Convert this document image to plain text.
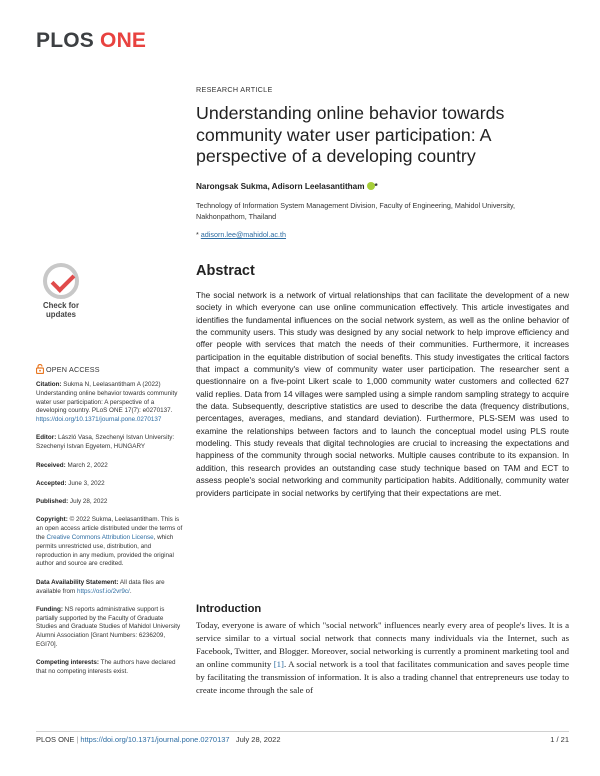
PLOS ONE
RESEARCH ARTICLE
Understanding online behavior towards community water user participation: A perspective of a developing country
Narongsak Sukma, Adisorn Leelasantitham *
Technology of Information System Management Division, Faculty of Engineering, Mahidol University, Nakhonpathom, Thailand
* adisorn.lee@mahidol.ac.th
Check for
updates
OPEN ACCESS
Citation: Sukma N, Leelasantitham A (2022) Understanding online behavior towards community water user participation: A perspective of a developing country. PLoS ONE 17(7): e0270137. https://doi.org/10.1371/journal.pone.0270137
Editor: László Vasa, Szechenyi Istvan University: Szechenyi Istvan Egyetem, HUNGARY
Received: March 2, 2022
Accepted: June 3, 2022
Published: July 28, 2022
Copyright: © 2022 Sukma, Leelasantitham. This is an open access article distributed under the terms of the Creative Commons Attribution License, which permits unrestricted use, distribution, and reproduction in any medium, provided the original author and source are credited.
Data Availability Statement: All data files are available from https://osf.io/2vr9c/.
Funding: NS reports administrative support is partially supported by the Faculty of Graduate Studies and Graduate Studies of Mahidol University Alumni Association [Grant Numbers: 6236209, EGI70].
Competing interests: The authors have declared that no competing interests exist.
Abstract

The social network is a network of virtual relationships that can facilitate the development of a new society in which everyone can use online communication effectively. This article investigates and identifies the fundamental influences on the social network system, as well as the online behavior of the community users. This study was designed by any social network to help improve efficiency and offer people with services that match the needs of their communities. Furthermore, it increases participation in the equitable distribution of social benefits. This study investigates the critical factors that impact a community's view of community water user participation. The researcher sent a questionnaire on a five-point Likert scale to 1,000 community water customers and collected 627 valid replies. Data from 14 villages were sampled using a simple random sampling strategy to acquire the data. Subsequently, descriptive statistics are used to describe the data (frequency distributions, percentages, averages, medians, and standard deviation). Furthermore, PLS-SEM was used to examine the relationships between factors and to launch the conceptual model using PLS route modeling. This study reveals that digital technologies are crucial to increasing the expectations and happiness of the community through social networks. Multiple causes contribute to its expansion. In addition, this research provides an outstanding case study technique based on TAM and ECT to assess people's social networking and community participation habits. Additionally, community water providers participate in social networks by certifying that their expectations are met.

Introduction

Today, everyone is aware of which "social network" influences nearly every area of people's lives. It is a service similar to a virtual social network that connects many individuals via the Internet, such as Facebook, Twitter, and Blogger. Moreover, social networking is currently a prominent marketing tool and an online community [1]. A social network is a tool that facilitates communication and saves people time by facilitating the transmission of information. It is also a trading channel that entrepreneurs use today to create income through the sale of

PLOS ONE | https://doi.org/10.1371/journal.pone.0270137 July 28, 2022	1 / 21
